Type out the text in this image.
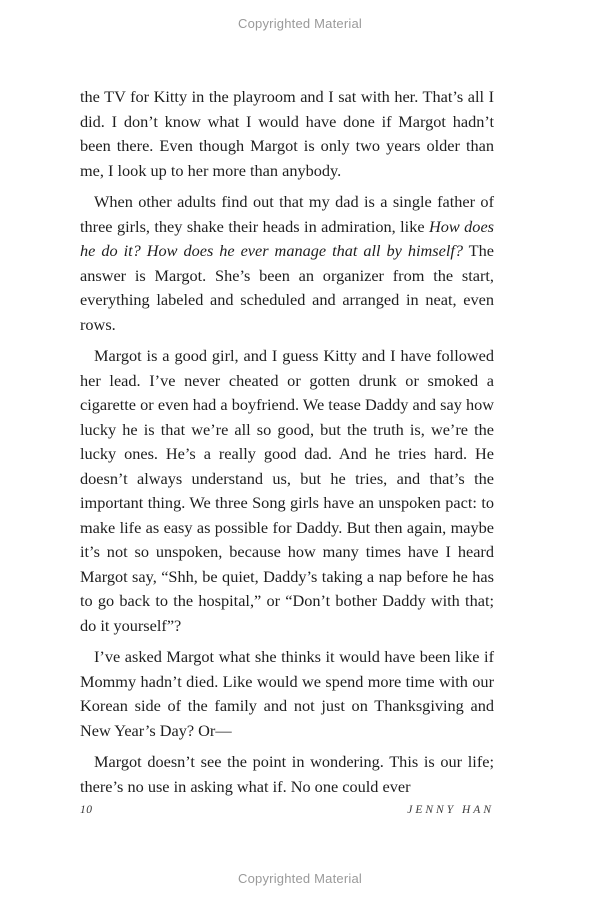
Copyrighted Material

the TV for Kitty in the playroom and I sat with her. That’s all I did. I don’t know what I would have done if Margot hadn’t been there. Even though Margot is only two years older than me, I look up to her more than anybody.

When other adults find out that my dad is a single father of three girls, they shake their heads in admiration, like How does he do it? How does he ever manage that all by himself? The answer is Margot. She’s been an organizer from the start, everything labeled and scheduled and arranged in neat, even rows.

Margot is a good girl, and I guess Kitty and I have followed her lead. I’ve never cheated or gotten drunk or smoked a cigarette or even had a boyfriend. We tease Daddy and say how lucky he is that we’re all so good, but the truth is, we’re the lucky ones. He’s a really good dad. And he tries hard. He doesn’t always understand us, but he tries, and that’s the important thing. We three Song girls have an unspoken pact: to make life as easy as possible for Daddy. But then again, maybe it’s not so unspoken, because how many times have I heard Margot say, “Shh, be quiet, Daddy’s taking a nap before he has to go back to the hospital,” or “Don’t bother Daddy with that; do it yourself”?

I’ve asked Margot what she thinks it would have been like if Mommy hadn’t died. Like would we spend more time with our Korean side of the family and not just on Thanksgiving and New Year’s Day? Or—

Margot doesn’t see the point in wondering. This is our life; there’s no use in asking what if. No one could ever

10	JENNY HAN
Copyrighted Material
